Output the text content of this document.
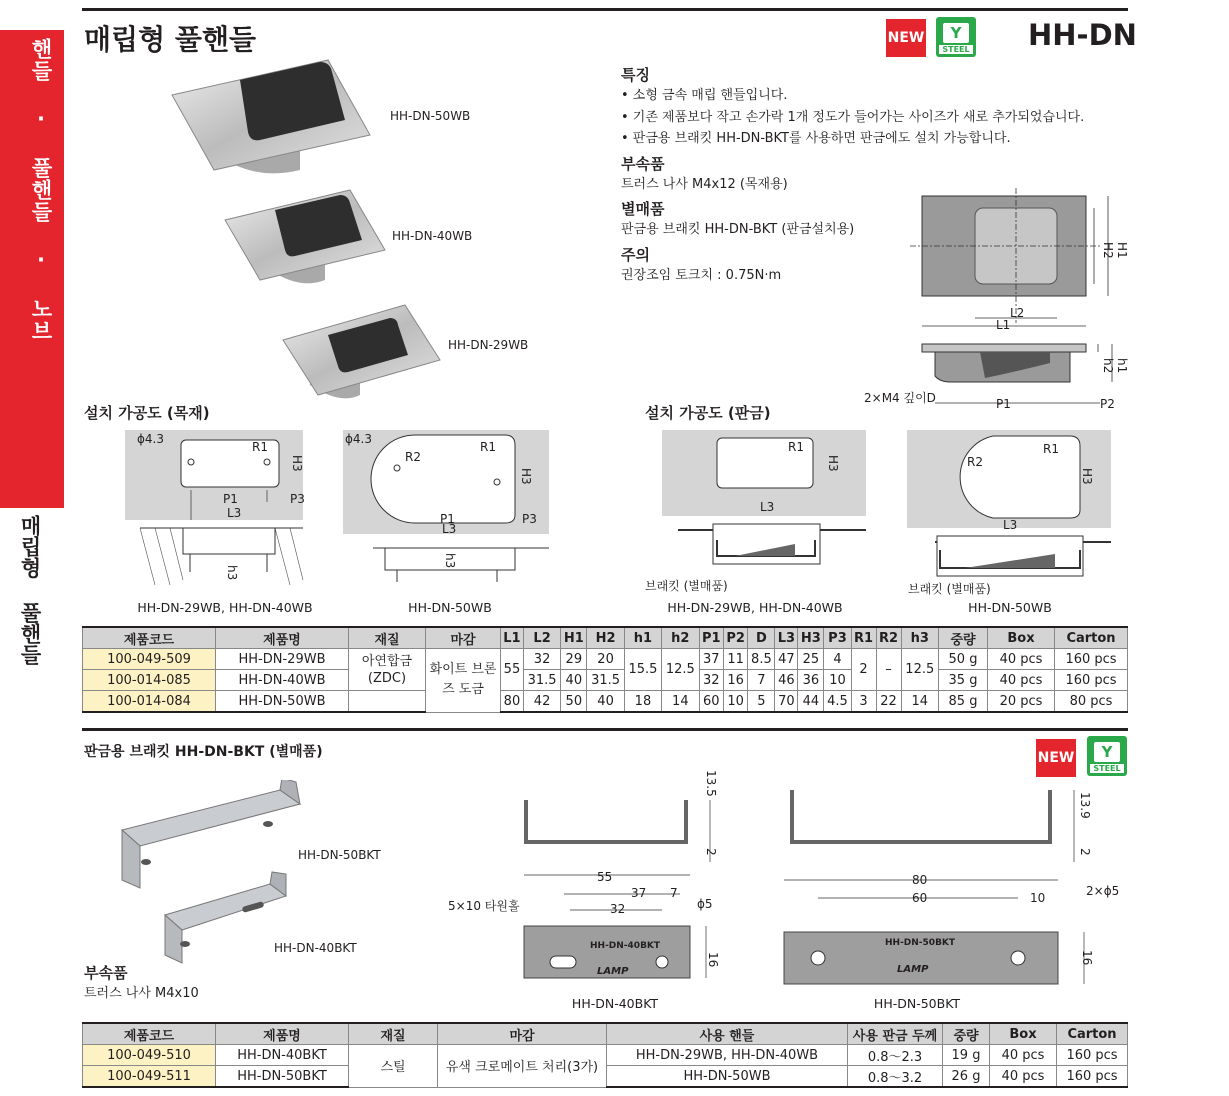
핸들 · 풀핸들 · 노브
매립형 풀핸들
매립형 풀핸들	NEW	Y
STEEL HH-DN
HH-DN-50WB
HH-DN-40WB
HH-DN-29WB
특징
• 소형 금속 매립 핸들입니다.
• 기존 제품보다 작고 손가락 1개 정도가 들어가는 사이즈가 새로 추가되었습니다.
• 판금용 브래킷 HH-DN-BKT를 사용하면 판금에도 설치 가능합니다.
부속품
트러스 나사 M4x12 (목재용)
별매품
판금용 브래킷 HH-DN-BKT (판금설치용)
주의
권장조임 토크치 : 0.75N·m
H2 H1
L2
L1
h2 h1
2×M4 깊이D	P1	P2
설치 가공도 (목재)	설치 가공도 (판금)
ϕ4.3	ϕ4.3
R1	R1
R2
R1	R1
R2
H3
H3
H3
H3
P1	P3
L3	P1	P3
L3
L3
L3
h3
h3
브래킷 (별매품)	브래킷 (별매품)
HH-DN-29WB, HH-DN-40WB	HH-DN-50WB	HH-DN-29WB, HH-DN-40WB	HH-DN-50WB
제품코드	제품명	재질	마감	L1	L2	H1	H2	h1	h2	P1	P2	D	L3	H3	P3	R1	R2	h3	중량	Box	Carton
100-049-509	HH-DN-29WB	아연합금 (ZDC)	화이트 브론즈 도금	55	32	29	20	15.5	12.5	37	11	8.5	47	25	4	2	–	12.5	50 g	40 pcs	160 pcs
100-014-085	HH-DN-40WB				31.5	40	31.5			32	16	7	46	36	10				35 g	40 pcs	160 pcs
100-014-084	HH-DN-50WB			80	42	50	40	18	14	60	10	5	70	44	4.5	3	22	14	85 g	20 pcs	80 pcs
판금용 브래킷 HH-DN-BKT (별매품)	NEW	Y
STEEL
HH-DN-50BKT
HH-DN-40BKT
부속품
트러스 나사 M4x10
13.5
2
55
37 7
32	ϕ5
5×10 타원홀
16
HH-DN-40BKT
LAMP
HH-DN-40BKT
13.9
2
80
60	10	2×ϕ5
16
HH-DN-50BKT
LAMP
HH-DN-50BKT
제품코드	제품명	재질	마감	사용 핸들	사용 판금 두께	중량	Box	Carton
100-049-510	HH-DN-40BKT	스틸	유색 크로메이트 처리(3가)	HH-DN-29WB, HH-DN-40WB	0.8～2.3	19 g	40 pcs	160 pcs
100-049-511	HH-DN-50BKT			HH-DN-50WB	0.8～3.2	26 g	40 pcs	160 pcs
